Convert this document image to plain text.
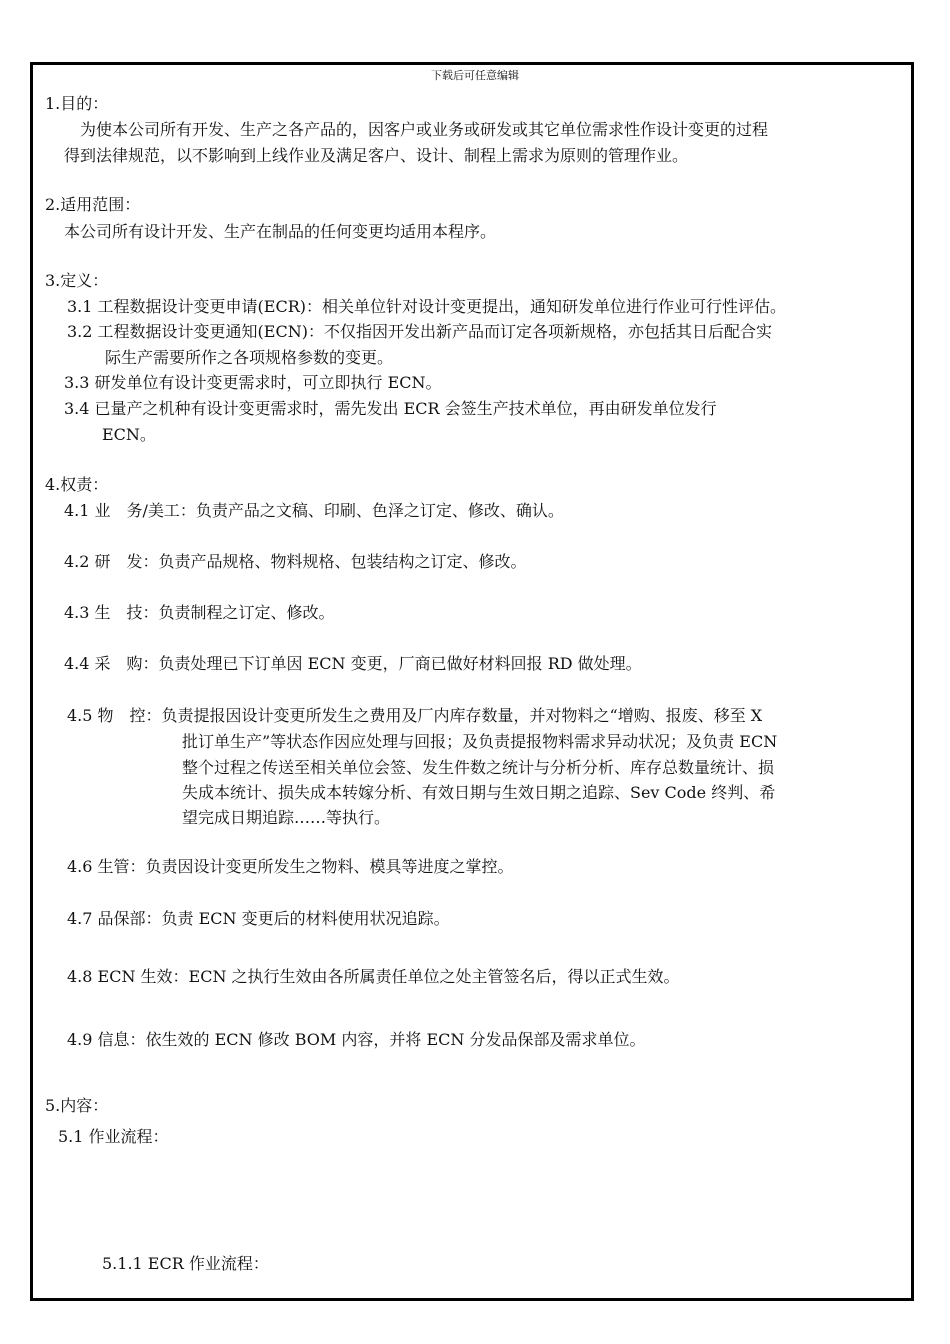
下载后可任意编辑
1.目的：
为使本公司所有开发、生产之各产品的，因客户或业务或研发或其它单位需求性作设计变更的过程
得到法律规范，以不影响到上线作业及满足客户、设计、制程上需求为原则的管理作业。
2.适用范围：
本公司所有设计开发、生产在制品的任何变更均适用本程序。
3.定义：
3.1 工程数据设计变更申请(ECR)：相关单位针对设计变更提出，通知研发单位进行作业可行性评估。
3.2 工程数据设计变更通知(ECN)：不仅指因开发出新产品而订定各项新规格，亦包括其日后配合实
际生产需要所作之各项规格参数的变更。
3.3 研发单位有设计变更需求时，可立即执行 ECN。
3.4 已量产之机种有设计变更需求时，需先发出 ECR 会签生产技术单位，再由研发单位发行
ECN。
4.权责：
4.1 业　务/美工：负责产品之文稿、印刷、色泽之订定、修改、确认。
4.2 研　发：负责产品规格、物料规格、包装结构之订定、修改。
4.3 生　技：负责制程之订定、修改。
4.4 采　购：负责处理已下订单因 ECN 变更，厂商已做好材料回报 RD 做处理。
4.5 物　控：负责提报因设计变更所发生之费用及厂内库存数量，并对物料之“增购、报废、移至 X
批订单生产”等状态作因应处理与回报；及负责提报物料需求异动状况；及负责 ECN
整个过程之传送至相关单位会签、发生件数之统计与分析分析、库存总数量统计、损
失成本统计、损失成本转嫁分析、有效日期与生效日期之追踪、Sev Code 终判、希
望完成日期追踪……等执行。
4.6 生管：负责因设计变更所发生之物料、模具等进度之掌控。
4.7 品保部：负责 ECN 变更后的材料使用状况追踪。
4.8 ECN 生效：ECN 之执行生效由各所属责任单位之处主管签名后，得以正式生效。
4.9 信息：依生效的 ECN 修改 BOM 内容，并将 ECN 分发品保部及需求单位。
5.内容：
5.1 作业流程：
5.1.1 ECR 作业流程：
